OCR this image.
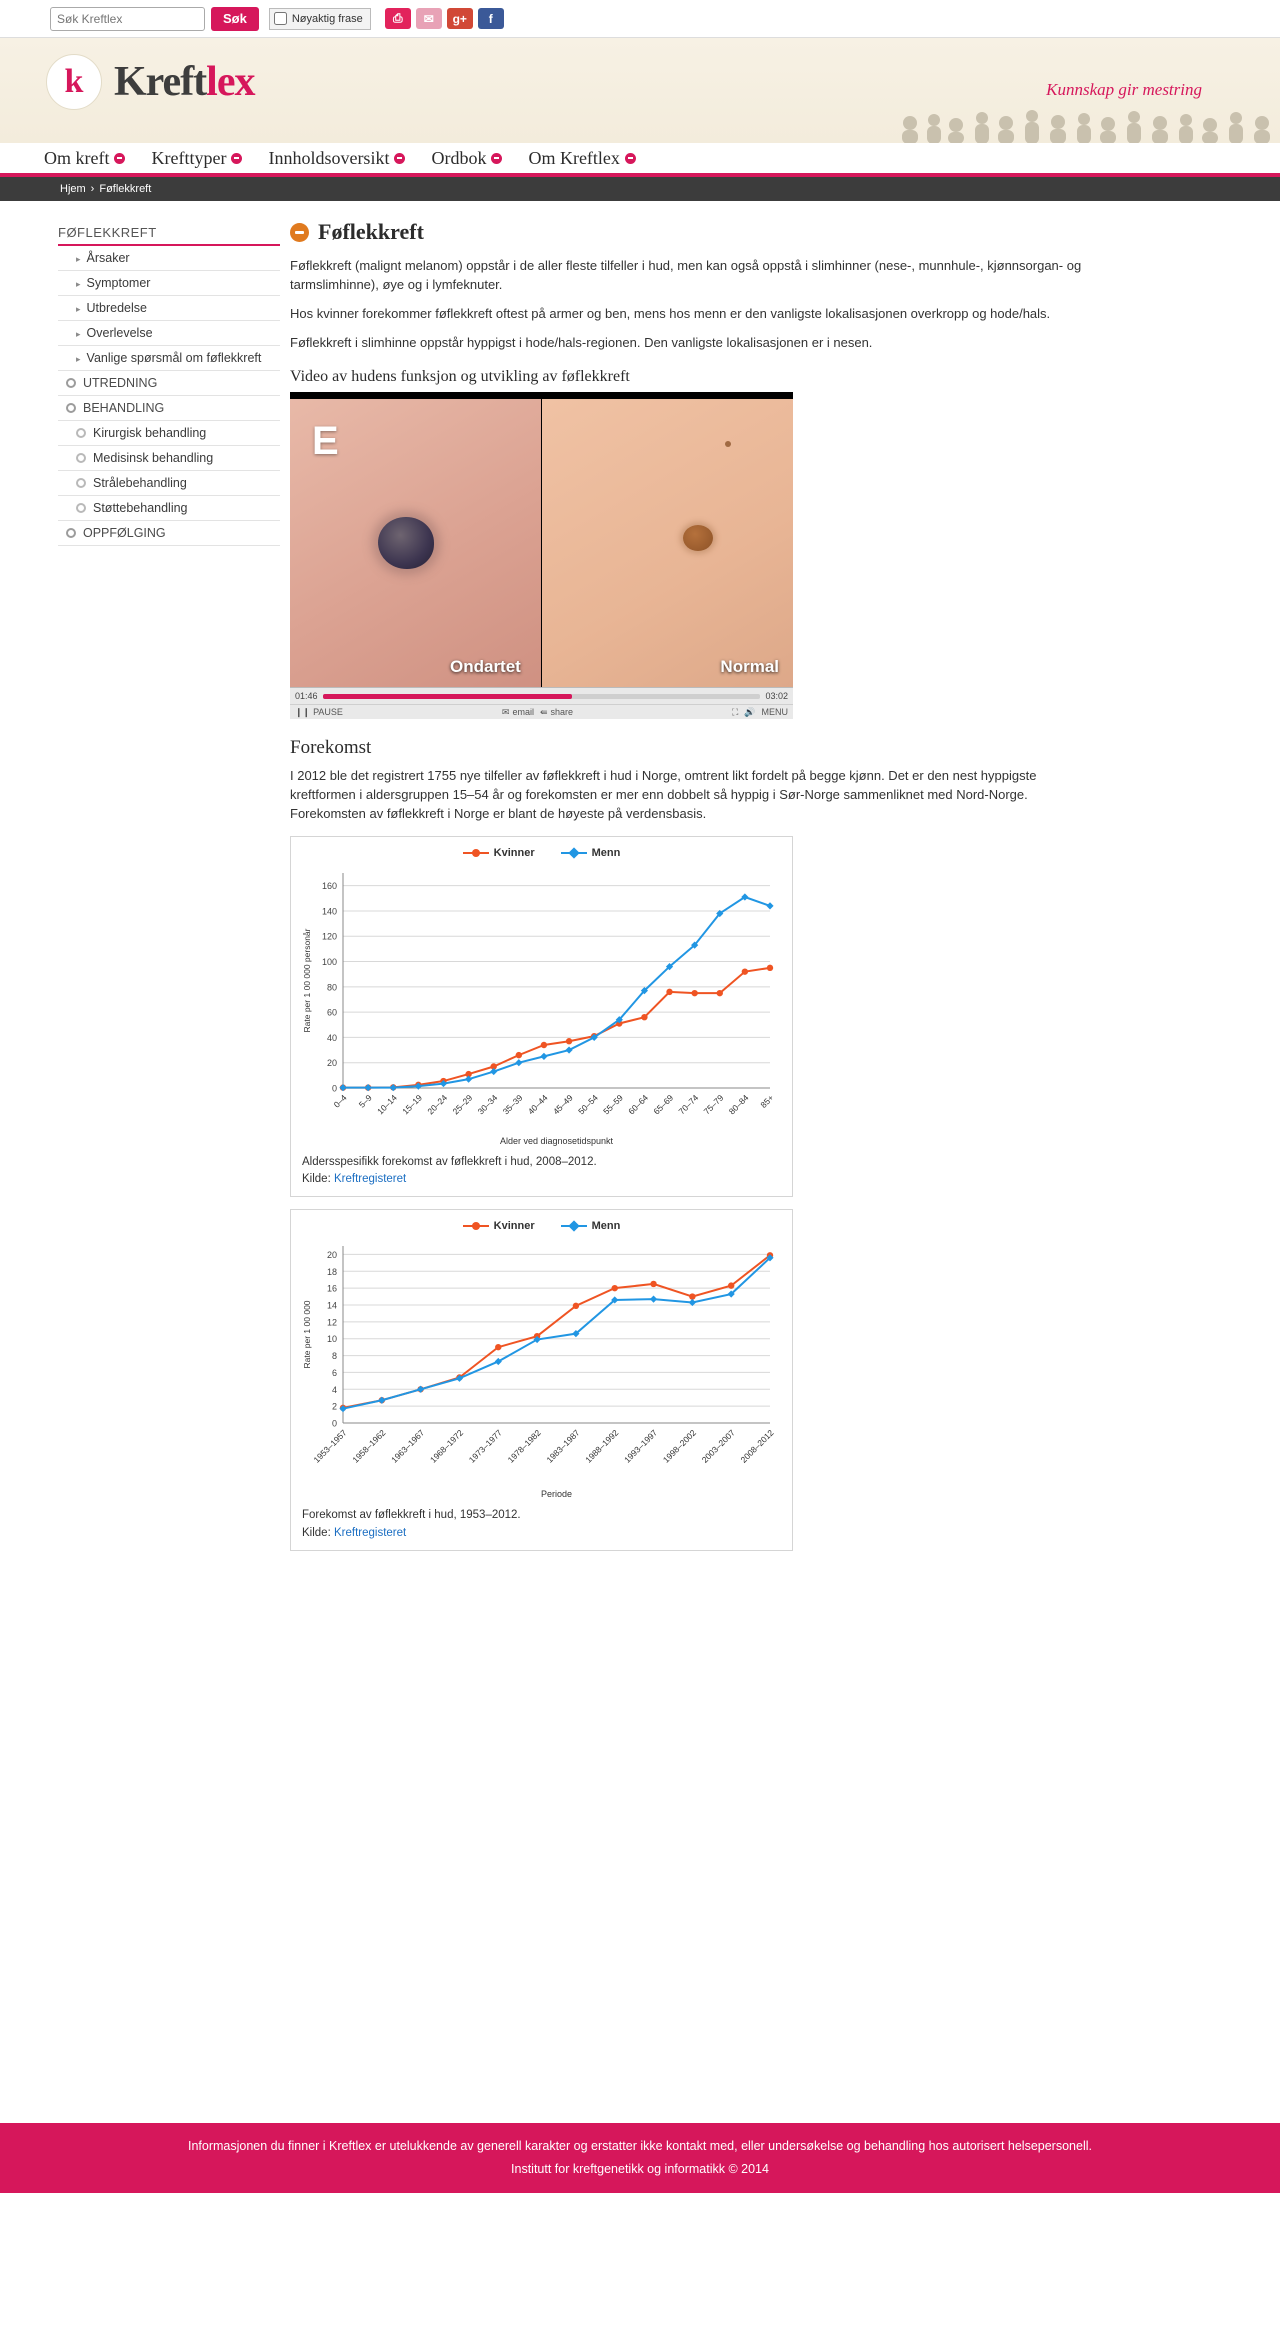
Søk Kreftlex
Søk	Nøyaktig frase	⎙	✉	g+	f
k Kreftlex	Kunnskap gir mestring
Om kreft Krefttyper Innholdsoversikt Ordbok Om Kreftlex
Hjem › Føflekkreft
FØFLEKKREFT
▸ Årsaker
▸ Symptomer
▸ Utbredelse
▸ Overlevelse
▸ Vanlige spørsmål om føflekkreft
UTREDNING
BEHANDLING
Kirurgisk behandling
Medisinsk behandling
Strålebehandling
Støttebehandling
OPPFØLGING
Føflekkreft

Føflekkreft (malignt melanom) oppstår i de aller fleste tilfeller i hud, men kan også oppstå i slimhinner (nese-, munnhule-, kjønnsorgan- og tarmslimhinne), øye og i lymfeknuter.

Hos kvinner forekommer føflekkreft oftest på armer og ben, mens hos menn er den vanligste lokalisasjonen overkropp og hode/hals.

Føflekkreft i slimhinne oppstår hyppigst i hode/hals-regionen. Den vanligste lokalisasjonen er i nesen.

Video av hudens funksjon og utvikling av føflekkreft
E
Ondartet	Normal
01:46	03:02
❙❙ PAUSE	✉ email ⇚ share	⛶ 🔊 MENU
Forekomst

I 2012 ble det registrert 1755 nye tilfeller av føflekkreft i hud i Norge, omtrent likt fordelt på begge kjønn. Det er den nest hyppigste kreftformen i aldersgruppen 15–54 år og forekomsten er mer enn dobbelt så hyppig i Sør-Norge sammenliknet med Nord-Norge. Forekomsten av føflekkreft i Norge er blant de høyeste på verdensbasis.

Kvinner	Menn
0
20
40
60
80
100
120
140
160
0–4 5–9 10–14 15–19 20–24 25–29 30–34 35–39 40–44 45–49 50–54 55–59 60–64 65–69 70–74 75–79 80–84 85+
Alder ved diagnosetidspunkt
Rate per 1 00 000 personår
Aldersspesifikk forekomst av føflekkreft i hud, 2008–2012.
Kilde: Kreftregisteret
Kvinner	Menn
0
2
4
6
8
10
12
14
16
18
20
1953–1957 1958–1962 1963–1967 1968–1972 1973–1977 1978–1982 1983–1987 1988–1992 1993–1997 1998–2002 2003–2007 2008–2012
Periode
Rate per 1 00 000
Forekomst av føflekkreft i hud, 1953–2012.
Kilde: Kreftregisteret
Informasjonen du finner i Kreftlex er utelukkende av generell karakter og erstatter ikke kontakt med, eller undersøkelse og behandling hos autorisert helsepersonell.
Institutt for kreftgenetikk og informatikk © 2014
